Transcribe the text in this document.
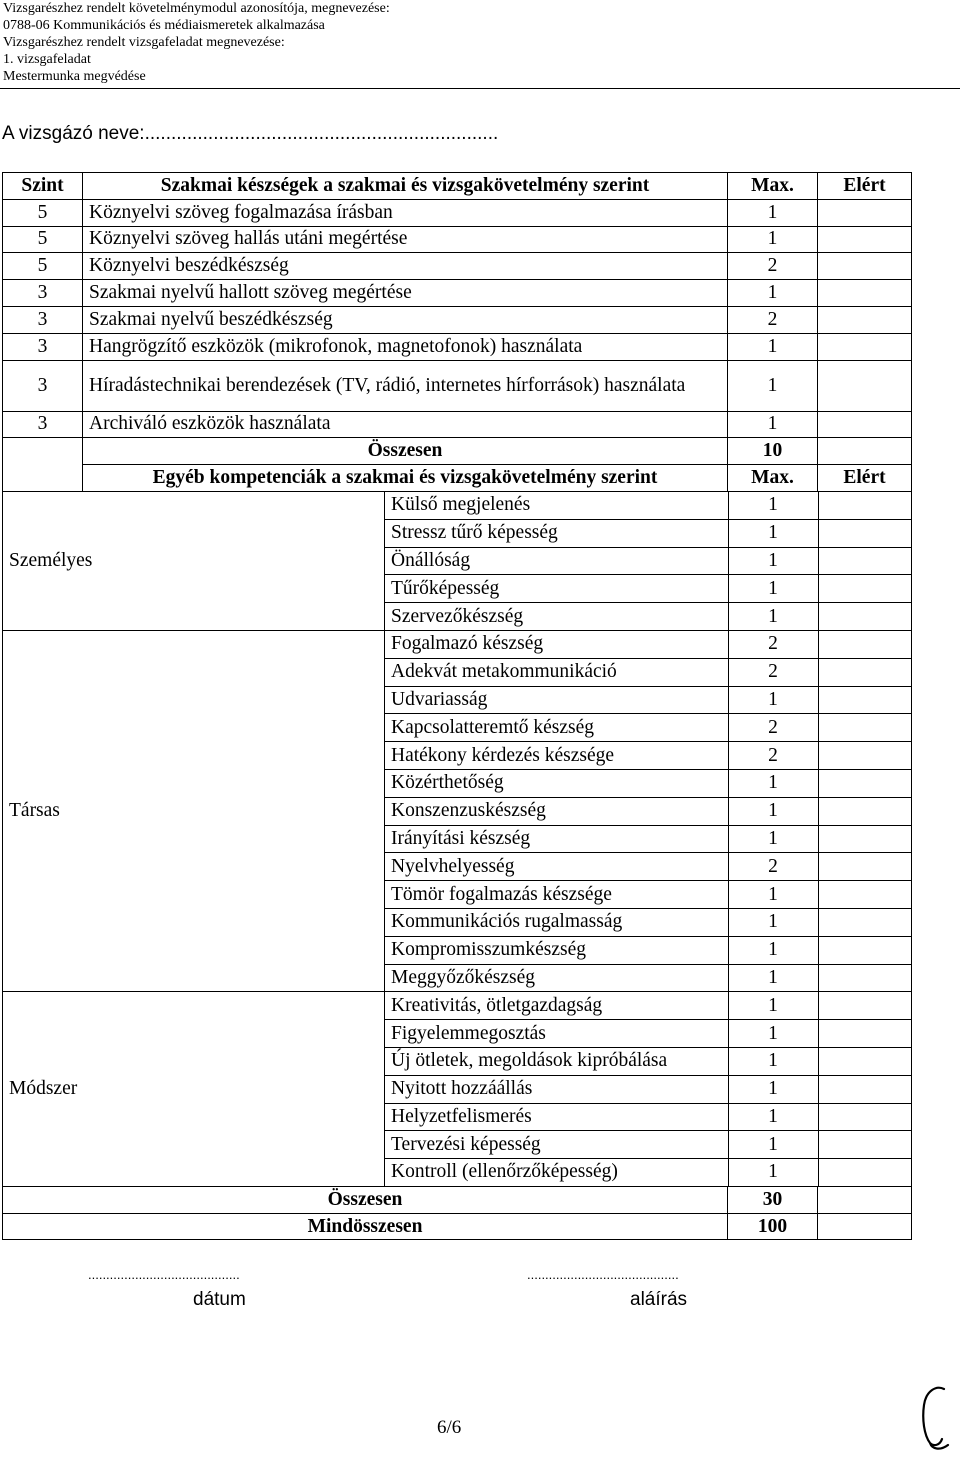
Vizsgarészhez rendelt követelménymodul azonosítója, megnevezése:
0788-06 Kommunikációs és médiaismeretek alkalmazása
Vizsgarészhez rendelt vizsgafeladat megnevezése:
1. vizsgafeladat
Mestermunka megvédése
A vizsgázó neve:...................................................................
Szint	Szakmai készségek a szakmai és vizsgakövetelmény szerint	Max.	Elért
5	Köznyelvi szöveg fogalmazása írásban	1	
5	Köznyelvi szöveg hallás utáni megértése	1	
5	Köznyelvi beszédkészség	2	
3	Szakmai nyelvű hallott szöveg megértése	1	
3	Szakmai nyelvű beszédkészség	2	
3	Hangrögzítő eszközök (mikrofonok, magnetofonok) használata	1	
3	Híradástechnikai berendezések (TV, rádió, internetes hírforrások) használata	1	
3	Archiváló eszközök használata	1	
	Összesen	10	
Egyéb kompetenciák a szakmai és vizsgakövetelmény szerint	Max.	Elért

Személyes	Külső megjelenés	1	
Stressz tűrő képesség	1	
Önállóság	1	
Tűrőképesség	1	
Szervezőkészség	1	
Társas	Fogalmazó készség	2	
Adekvát metakommunikáció	2	
Udvariasság	1	
Kapcsolatteremtő készség	2	
Hatékony kérdezés készsége	2	
Közérthetőség	1	
Konszenzuskészség	1	
Irányítási készség	1	
Nyelvhelyesség	2	
Tömör fogalmazás készsége	1	
Kommunikációs rugalmasság	1	
Kompromisszumkészség	1	
Meggyőzőkészség	1	
Módszer	Kreativitás, ötletgazdagság	1	
Figyelemmegosztás	1	
Új ötletek, megoldások kipróbálása	1	
Nyitott hozzáállás	1	
Helyzetfelismerés	1	
Tervezési képesség	1	
Kontroll (ellenőrzőképesség)	1	

Összesen	30	
Mindösszesen	100	
..........................................	..........................................
dátum	aláírás
6/6
